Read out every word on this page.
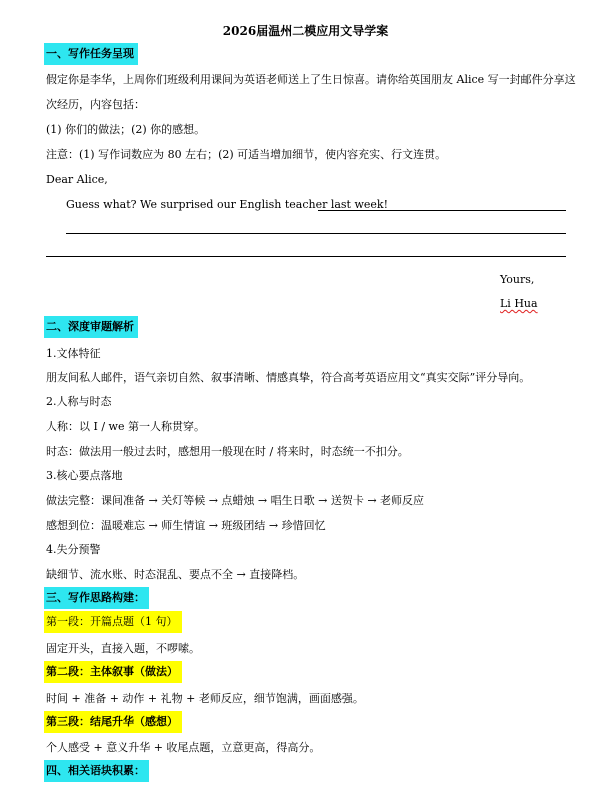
2026届温州二模应用文导学案
一、写作任务呈现
假定你是李华，上周你们班级利用课间为英语老师送上了生日惊喜。请你给英国朋友 Alice 写一封邮件分享这
次经历，内容包括：
(1) 你们的做法；(2) 你的感想。
注意：(1) 写作词数应为 80 左右；(2) 可适当增加细节，使内容充实、行文连贯。
Dear Alice,
Guess what? We surprised our English teacher last week!
Yours,
Li Hua
二、深度审题解析
1.文体特征
朋友间私人邮件，语气亲切自然、叙事清晰、情感真挚，符合高考英语应用文“真实交际”评分导向。
2.人称与时态
人称：以 I / we 第一人称贯穿。
时态：做法用一般过去时，感想用一般现在时 / 将来时，时态统一不扣分。
3.核心要点落地
做法完整：课间准备 → 关灯等候 → 点蜡烛 → 唱生日歌 → 送贺卡 → 老师反应
感想到位：温暖难忘 → 师生情谊 → 班级团结 → 珍惜回忆
4.失分预警
缺细节、流水账、时态混乱、要点不全 → 直接降档。
三、写作思路构建：
第一段：开篇点题（1 句）
固定开头，直接入题，不啰嗦。
第二段：主体叙事（做法）
时间 + 准备 + 动作 + 礼物 + 老师反应，细节饱满，画面感强。
第三段：结尾升华（感想）
个人感受 + 意义升华 + 收尾点题，立意更高，得高分。
四、相关语块积累：
